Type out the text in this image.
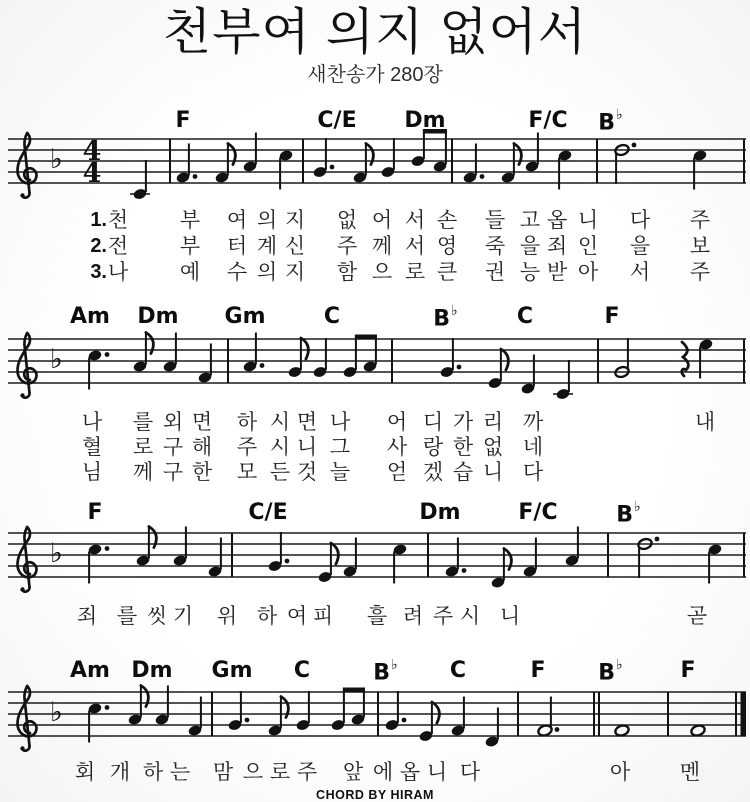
천부여 의지 없어서
새찬송가 280장
♭ 4
4
F	C/E Dm	F/C B♭
1. 천 부 여 의 지 없 어 서 손 들 고 옵 니 다 주
2. 전 부 터 계 신 주 께 서 영 죽 을 죄 인 을 보
3. 나 예 수 의 지 함 으 로 큰 권 능 받 아 서 주
♭
Am Dm Gm	C	B♭	C	F
나 를 외 면 하 시 면 나 어 디 가 리 까	내
혈 로 구 해 주 시 니 그 사 랑 한 없 네
님 께 구 한 모 든 것 늘 얻 겠 습 니 다
♭
F	C/E	Dm	F/C	B♭
죄 를 씻 기 위 하 여 피 흘 려 주 시 니	곧
♭
Am Dm Gm C	B♭ C	F B♭	F
회 개 하 는 맘 으 로 주 앞 에 옵 니 다	아 멘
CHORD BY HIRAM
